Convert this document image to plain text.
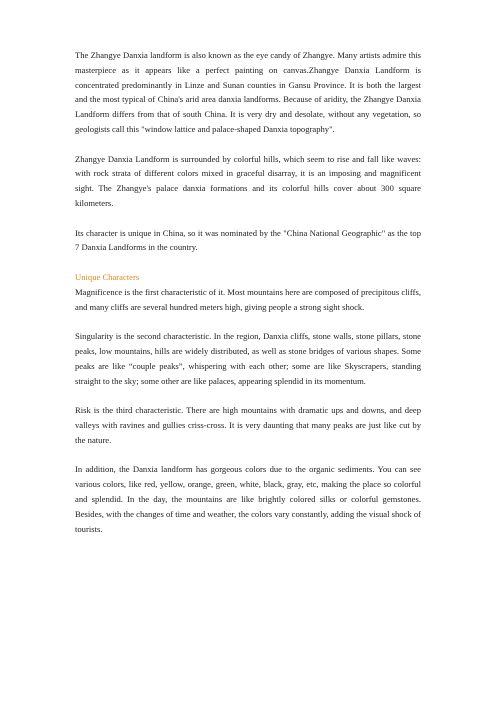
The Zhangye Danxia landform is also known as the eye candy of Zhangye. Many artists admire this masterpiece as it appears like a perfect painting on canvas.Zhangye Danxia Landform is concentrated predominantly in Linze and Sunan counties in Gansu Province. It is both the largest and the most typical of China's arid area danxia landforms. Because of aridity, the Zhangye Danxia Landform differs from that of south China. It is very dry and desolate, without any vegetation, so geologists call this "window lattice and palace-shaped Danxia topography".

Zhangye Danxia Landform is surrounded by colorful hills, which seem to rise and fall like waves: with rock strata of different colors mixed in graceful disarray, it is an imposing and magnificent sight. The Zhangye's palace danxia formations and its colorful hills cover about 300 square kilometers.

Its character is unique in China, so it was nominated by the "China National Geographic" as the top 7 Danxia Landforms in the country.

Unique Characters

Magnificence is the first characteristic of it. Most mountains here are composed of precipitous cliffs, and many cliffs are several hundred meters high, giving people a strong sight shock.

Singularity is the second characteristic. In the region, Danxia cliffs, stone walls, stone pillars, stone peaks, low mountains, hills are widely distributed, as well as stone bridges of various shapes. Some peaks are like “couple peaks”, whispering with each other; some are like Skyscrapers, standing straight to the sky; some other are like palaces, appearing splendid in its momentum.

Risk is the third characteristic. There are high mountains with dramatic ups and downs, and deep valleys with ravines and gullies criss-cross. It is very daunting that many peaks are just like cut by the nature.

In addition, the Danxia landform has gorgeous colors due to the organic sediments. You can see various colors, like red, yellow, orange, green, white, black, gray, etc, making the place so colorful and splendid. In the day, the mountains are like brightly colored silks or colorful gemstones. Besides, with the changes of time and weather, the colors vary constantly, adding the visual shock of tourists.
